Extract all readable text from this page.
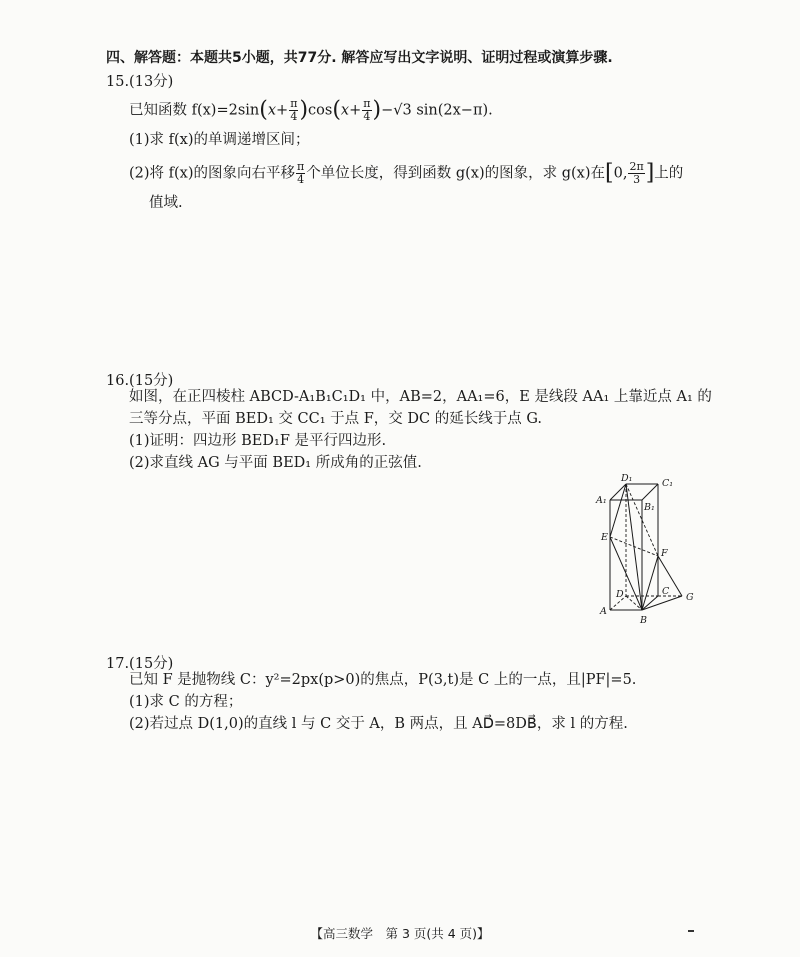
四、解答题：本题共5小题，共77分. 解答应写出文字说明、证明过程或演算步骤.
15.(13分)
已知函数 $f(x)=2\sin(x+ \frac{\pi}{4} )\cos(x+ \frac{\pi}{4} )-√3$ sin(2x−π).
(1)求 f(x)的单调递增区间；
(2)将 f(x)的图象向右平移 $\frac{\pi}{4}$ 个单位长度，得到函数 g(x)的图象，求 g(x)在[0, $\frac{2\pi}{3}$ ]上的
值域.
16.(15分)
如图，在正四棱柱 ABCD-A₁B₁C₁D₁ 中，AB=2，AA₁=6，E 是线段 AA₁ 上靠近点 A₁ 的
三等分点，平面 BED₁ 交 CC₁ 于点 F，交 DC 的延长线于点 G.
(1)证明：四边形 BED₁F 是平行四边形.
(2)求直线 AG 与平面 BED₁ 所成角的正弦值.
D₁	C₁
A₁
B₁
E
F
D	C
G
A
B
17.(15分)
已知 F 是抛物线 C：y²=2px(p>0)的焦点，P(3,t)是 C 上的一点，且|PF|=5.
(1)求 C 的方程；
(2)若过点 D(1,0)的直线 l 与 C 交于 A，B 两点，且 AD⃗=8DB⃗，求 l 的方程.
【高三数学　第 3 页(共 4 页)】
